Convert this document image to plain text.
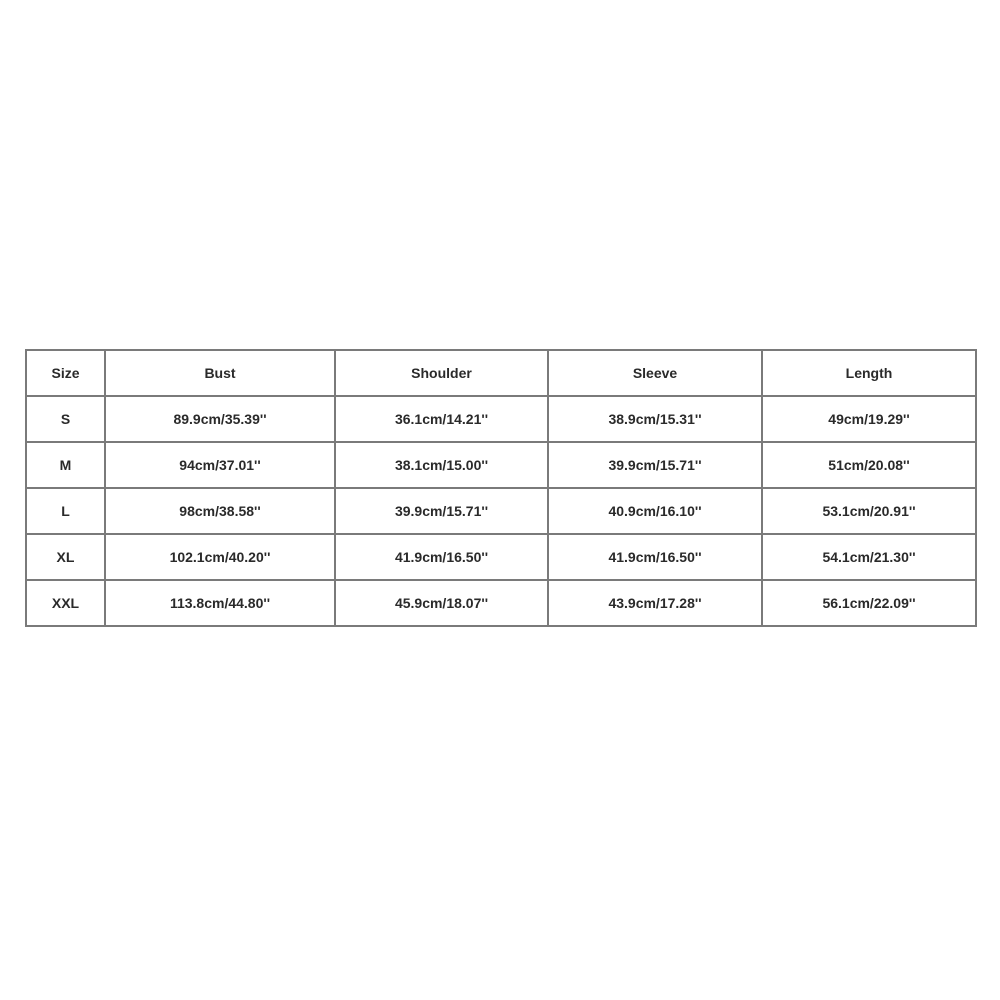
Size	Bust	Shoulder	Sleeve	Length
S	89.9cm/35.39''	36.1cm/14.21''	38.9cm/15.31''	49cm/19.29''
M	94cm/37.01''	38.1cm/15.00''	39.9cm/15.71''	51cm/20.08''
L	98cm/38.58''	39.9cm/15.71''	40.9cm/16.10''	53.1cm/20.91''
XL	102.1cm/40.20''	41.9cm/16.50''	41.9cm/16.50''	54.1cm/21.30''
XXL	113.8cm/44.80''	45.9cm/18.07''	43.9cm/17.28''	56.1cm/22.09''
